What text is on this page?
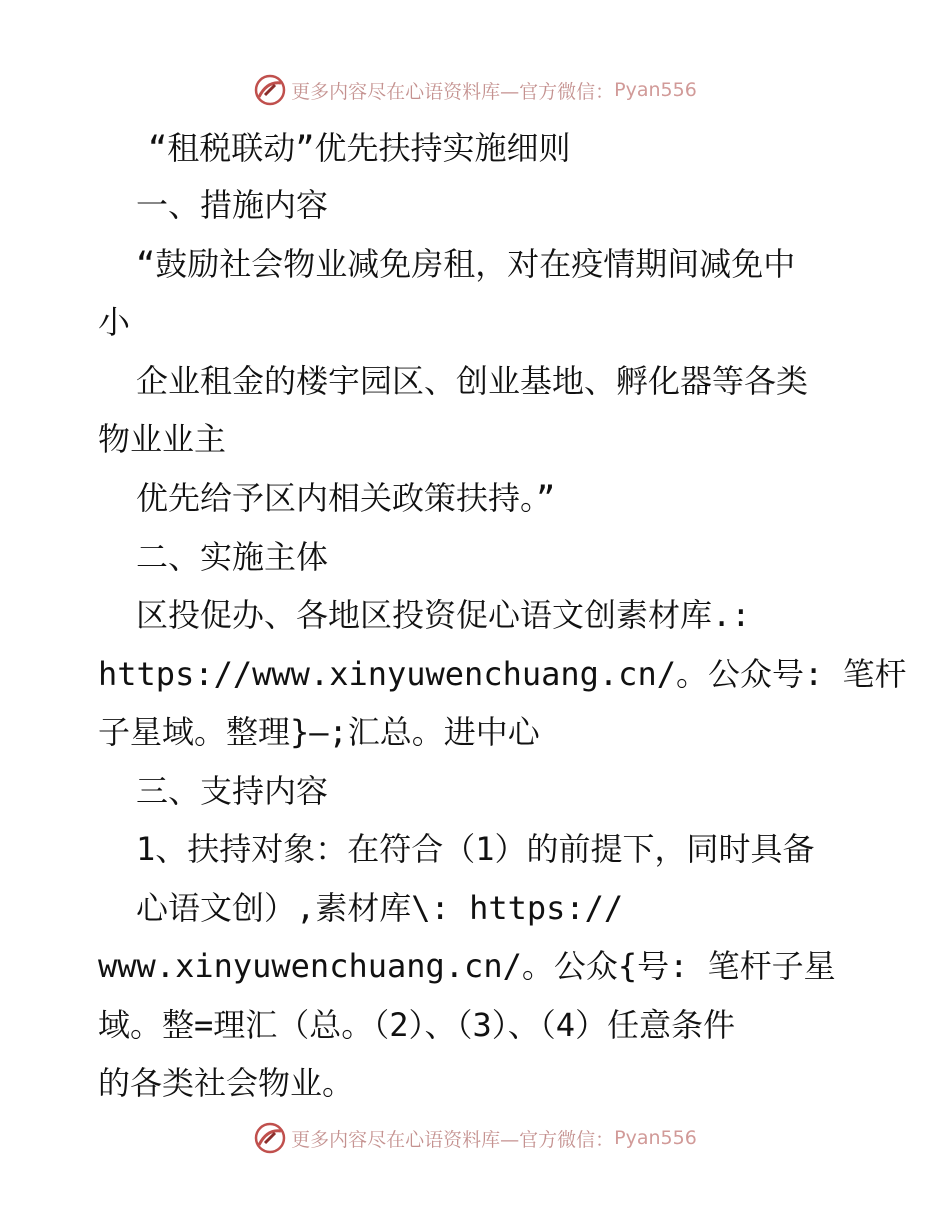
更多内容尽在心语资料库—官方微信： Pyan556
“租税联动”优先扶持实施细则
一、措施内容
“鼓励社会物业减免房租，对在疫情期间减免中
小
企业租金的楼宇园区、创业基地、孵化器等各类
物业业主
优先给予区内相关政策扶持。”
二、实施主体
区投促办、各地区投资促心语文创素材库.:
https://www.xinyuwenchuang.cn/。公众号: 笔杆
子星域。整理}—;汇总。进中心
三、支持内容
1、扶持对象：在符合（1）的前提下，同时具备
心语文创）,素材库\: https://
www.xinyuwenchuang.cn/。公众{号: 笔杆子星
域。整=理汇（总。（2）、（3）、（4）任意条件
的各类社会物业。
更多内容尽在心语资料库—官方微信： Pyan556
